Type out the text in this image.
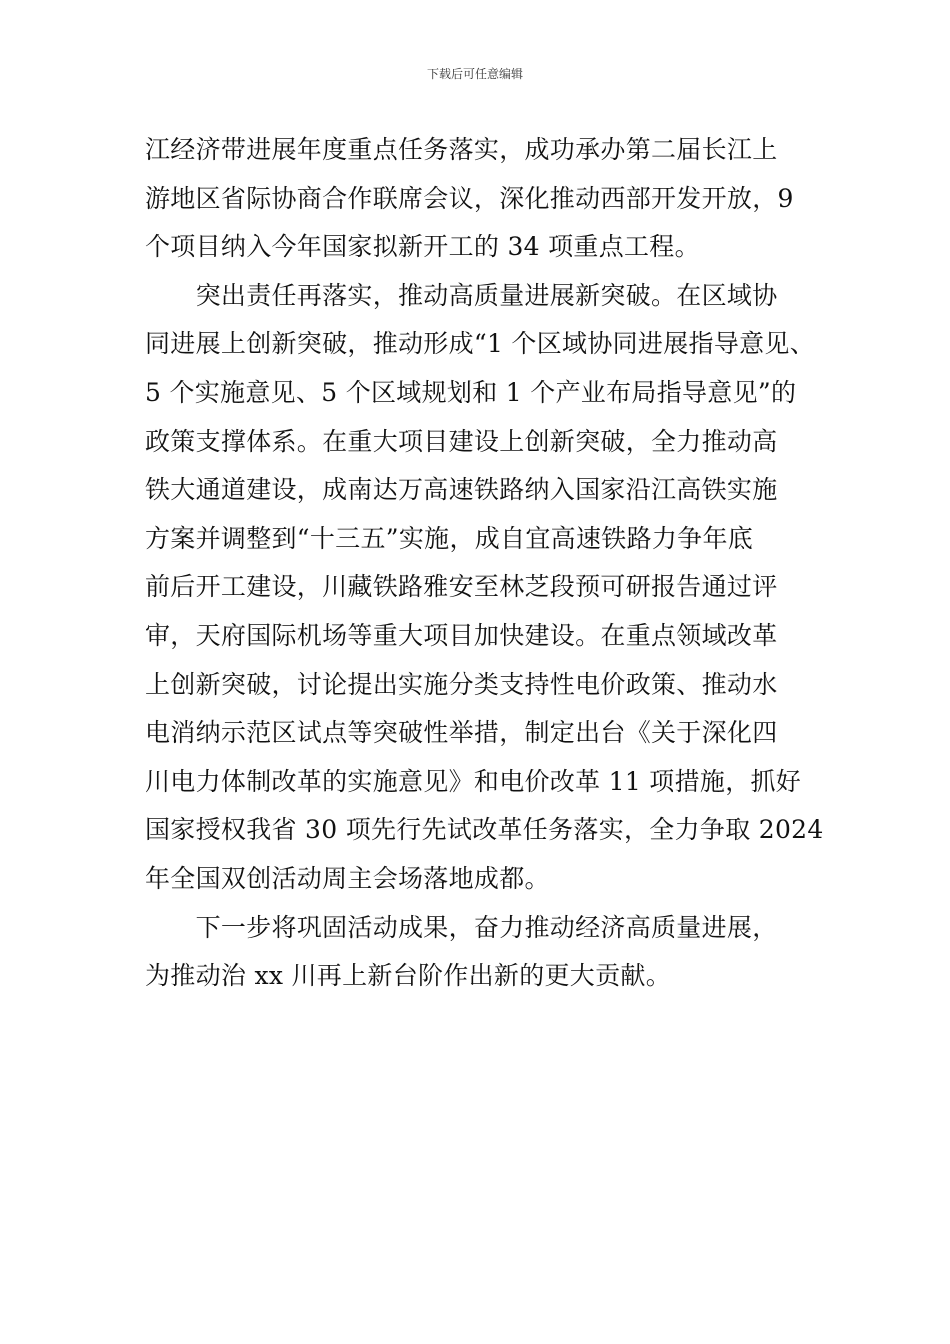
下载后可任意编辑
江经济带进展年度重点任务落实，成功承办第二届长江上
游地区省际协商合作联席会议，深化推动西部开发开放，9
个项目纳入今年国家拟新开工的 34 项重点工程。
　　突出责任再落实，推动高质量进展新突破。在区域协
同进展上创新突破，推动形成“1 个区域协同进展指导意见、
5 个实施意见、5 个区域规划和 1 个产业布局指导意见”的
政策支撑体系。在重大项目建设上创新突破，全力推动高
铁大通道建设，成南达万高速铁路纳入国家沿江高铁实施
方案并调整到“十三五”实施，成自宜高速铁路力争年底
前后开工建设，川藏铁路雅安至林芝段预可研报告通过评
审，天府国际机场等重大项目加快建设。在重点领域改革
上创新突破，讨论提出实施分类支持性电价政策、推动水
电消纳示范区试点等突破性举措，制定出台《关于深化四
川电力体制改革的实施意见》和电价改革 11 项措施，抓好
国家授权我省 30 项先行先试改革任务落实，全力争取 2024
年全国双创活动周主会场落地成都。
　　下一步将巩固活动成果，奋力推动经济高质量进展，
为推动治 xx 川再上新台阶作出新的更大贡献。
